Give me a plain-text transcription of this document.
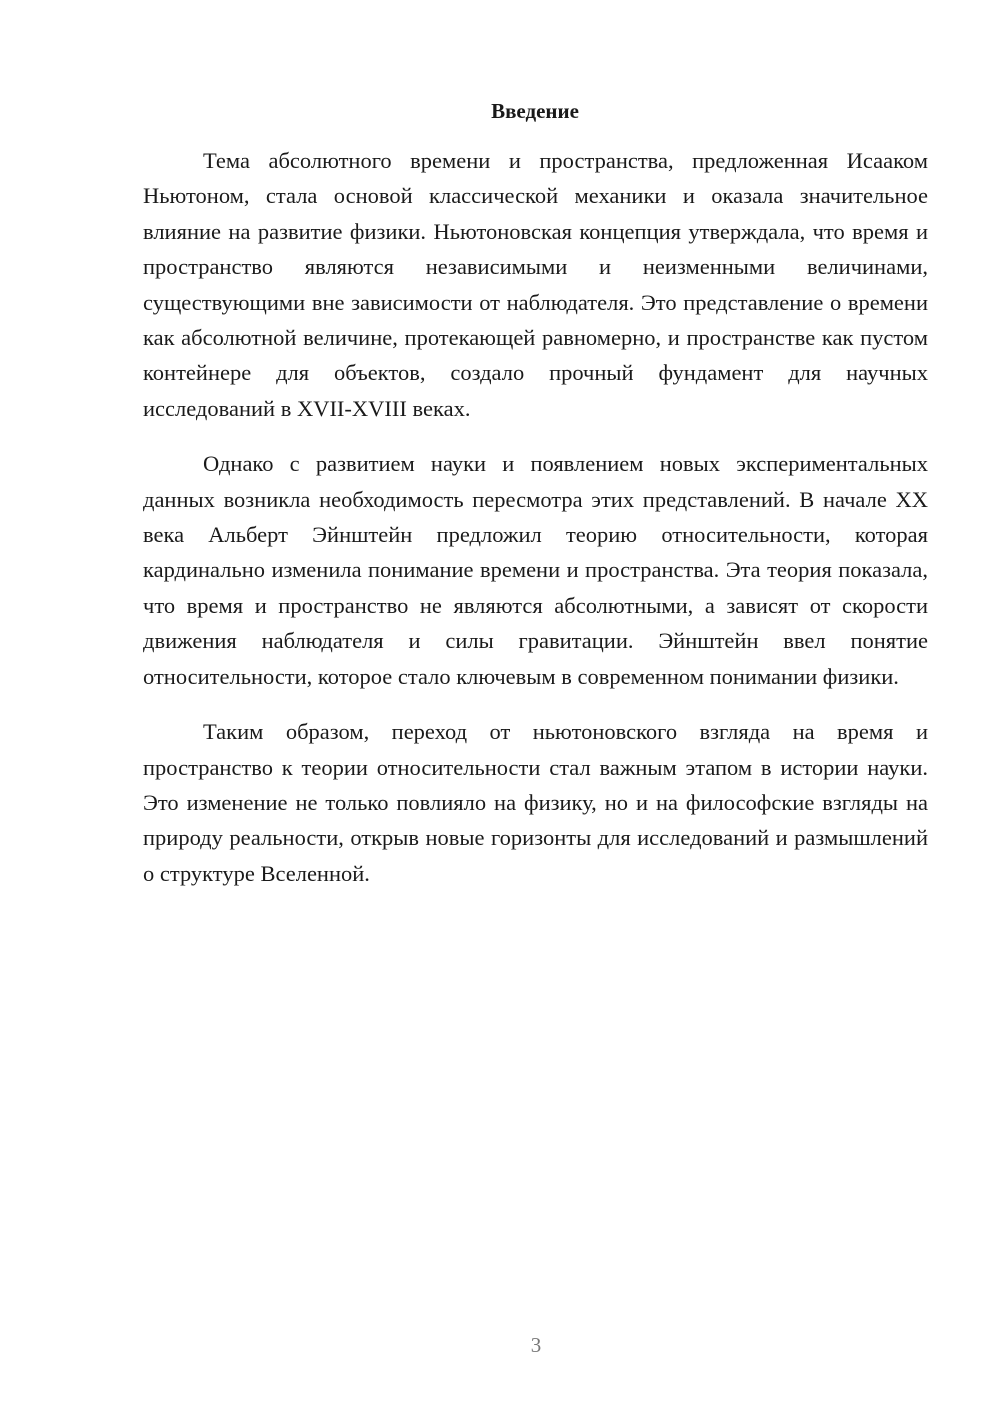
Введение

Тема абсолютного времени и пространства, предложенная Исааком Ньютоном, стала основой классической механики и оказала значительное влияние на развитие физики. Ньютоновская концепция утверждала, что время и пространство являются независимыми и неизменными величинами, существующими вне зависимости от наблюдателя. Это представление о времени как абсолютной величине, протекающей равномерно, и пространстве как пустом контейнере для объектов, создало прочный фундамент для научных исследований в XVII-XVIII веках.

Однако с развитием науки и появлением новых экспериментальных данных возникла необходимость пересмотра этих представлений. В начале XX века Альберт Эйнштейн предложил теорию относительности, которая кардинально изменила понимание времени и пространства. Эта теория показала, что время и пространство не являются абсолютными, а зависят от скорости движения наблюдателя и силы гравитации. Эйнштейн ввел понятие относительности, которое стало ключевым в современном понимании физики.

Таким образом, переход от ньютоновского взгляда на время и пространство к теории относительности стал важным этапом в истории науки. Это изменение не только повлияло на физику, но и на философские взгляды на природу реальности, открыв новые горизонты для исследований и размышлений о структуре Вселенной.

3
